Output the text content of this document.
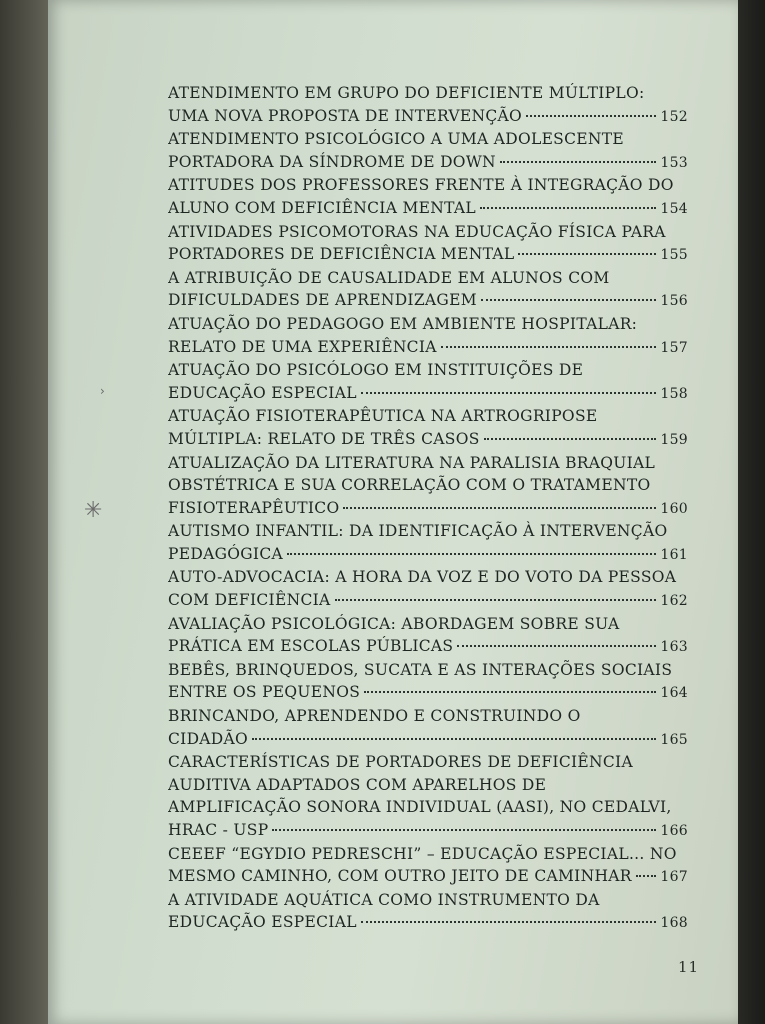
ATENDIMENTO EM GRUPO DO DEFICIENTE MÚLTIPLO:
UMA NOVA PROPOSTA DE INTERVENÇÃO	152
ATENDIMENTO PSICOLÓGICO A UMA ADOLESCENTE
PORTADORA DA SÍNDROME DE DOWN	153
ATITUDES DOS PROFESSORES FRENTE À INTEGRAÇÃO DO
ALUNO COM DEFICIÊNCIA MENTAL	154
ATIVIDADES PSICOMOTORAS NA EDUCAÇÃO FÍSICA PARA
PORTADORES DE DEFICIÊNCIA MENTAL	155
A ATRIBUIÇÃO DE CAUSALIDADE EM ALUNOS COM
DIFICULDADES DE APRENDIZAGEM	156
ATUAÇÃO DO PEDAGOGO EM AMBIENTE HOSPITALAR:
RELATO DE UMA EXPERIÊNCIA	157
ATUAÇÃO DO PSICÓLOGO EM INSTITUIÇÕES DE
EDUCAÇÃO ESPECIAL	158
ATUAÇÃO FISIOTERAPÊUTICA NA ARTROGRIPOSE
MÚLTIPLA: RELATO DE TRÊS CASOS	159
ATUALIZAÇÃO DA LITERATURA NA PARALISIA BRAQUIAL
OBSTÉTRICA E SUA CORRELAÇÃO COM O TRATAMENTO
FISIOTERAPÊUTICO	160
AUTISMO INFANTIL: DA IDENTIFICAÇÃO À INTERVENÇÃO
PEDAGÓGICA	161
AUTO-ADVOCACIA: A HORA DA VOZ E DO VOTO DA PESSOA
COM DEFICIÊNCIA	162
AVALIAÇÃO PSICOLÓGICA: ABORDAGEM SOBRE SUA
PRÁTICA EM ESCOLAS PÚBLICAS	163
BEBÊS, BRINQUEDOS, SUCATA E AS INTERAÇÕES SOCIAIS
ENTRE OS PEQUENOS	164
BRINCANDO, APRENDENDO E CONSTRUINDO O
CIDADÃO	165
CARACTERÍSTICAS DE PORTADORES DE DEFICIÊNCIA
AUDITIVA ADAPTADOS COM APARELHOS DE
AMPLIFICAÇÃO SONORA INDIVIDUAL (AASI), NO CEDALVI,
HRAC - USP	166
CEEEF “EGYDIO PEDRESCHI” – EDUCAÇÃO ESPECIAL... NO
MESMO CAMINHO, COM OUTRO JEITO DE CAMINHAR 167
A ATIVIDADE AQUÁTICA COMO INSTRUMENTO DA
EDUCAÇÃO ESPECIAL	168
11
›
✳
